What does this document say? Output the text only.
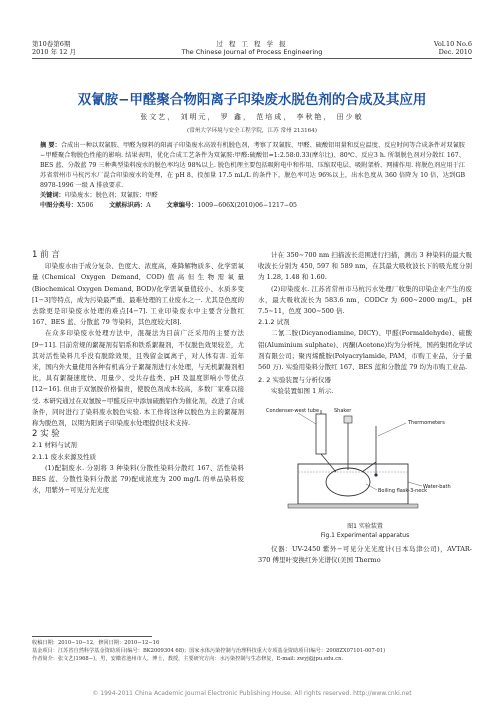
第10卷第6期
2010 年 12 月
过 程 工 程 学 报
The Chinese Journal of Process Engineering
Vol.10 No.6
Dec. 2010
双氰胺−甲醛聚合物阳离子印染废水脱色剂的合成及其应用
张文艺， 刘明元， 罗 鑫， 范培成， 李秋艳， 田少敏
(常州大学环境与安全工程学院，江苏 常州 213164)
摘 要：合成出一种以双氰胺、甲醛为原料的阳离子印染废水高效有机脱色剂，考察了双氰胺、甲醛、硫酸铝用量和反应温度、反应时间等合成条件对双氰胺−甲醛聚合物脱色性能的影响. 结果表明，优化合成工艺条件为双氰胺:甲醛:硫酸铝=1:2.58:0.33(摩尔比)、80℃、反应3 h. 所制脱色剂对分散红 167、BES 蓝、分散蓝 79 三种典型染料废水的脱色率均达 98%以上. 脱色机理主要包括吸附电中和作用、压缩双电层、吸附架桥、网捕作用. 将脱色剂应用于江苏省常州市马杭污水厂混合印染废水的处理，在 pH 8、投加量 17.5 mL/L 的条件下，脱色率可达 96%以上，出水色度从 360 倍降为 10 倍，达到GB 8978-1996 一级 A 排放要求.
关键词：印染废水；脱色剂；双氰胺；甲醛
中图分类号：X506	文献标识码：A	文章编号：1009−606X(2010)06−1217−05

1 前 言

印染废水由于成分复杂、色度大、浓度高，难降解物质多、化学需氧量(Chemical Oxygen Demand, COD)值高但生物需氧量(Biochemical Oxygen Demand, BOD)/化学需氧量值较小、水质多变[1−3]等特点，成为污染最严重、最难处理的工业废水之一. 尤其是色度的去除更是印染废水处理的难点[4−7]. 工业印染废水中主要含分散红 167、BES 蓝、分散蓝 79 等染料，其色度较大[8].

在众多印染废水处理方法中，混凝法为目前广泛采用的主要方法[9−11]. 目前常规的絮凝剂有铝系和铁系絮凝剂，不仅脱色效果较差，尤其对活性染料几乎没有脱除效果，且残留金属离子，对人体有害. 近年来，国内外大量使用各种有机高分子絮凝剂进行水处理，与无机絮凝剂相比，具有絮凝速度快、用量少、受共存盐类、pH 及温度影响小等优点[12−16]. 但由于双氰胺价格偏贵，使脱色剂成本较高，多数厂家难以接受. 本研究通过在双氰胺−甲醛反应中添加硫酸铝作为催化剂，改进了合成条件，同时进行了染料废水脱色实验. 本工作将这种以脱色为主的絮凝剂称为脱色剂，以期为阳离子印染废水处理提供技术支持.

2 实 验

2.1 材料与试剂

2.1.1 废水来源及性质

(1)配制废水. 分别将 3 种染料(分散性染料分散红 167、活性染料 BES 蓝、分散性染料分散蓝 79)配成浓度为 200 mg/L 的单品染料废水，用紫外−可见分光光度

计在 350∼700 nm 扫描波长范围进行扫描，测出 3 种染料的最大吸收波长分别为 450, 597 和 589 nm，在其最大吸收波长下的吸光度分别为 1.28, 1.48 和 1.60.

(2)印染废水. 江苏省常州市马杭污水处理厂收集的印染企业产生的废水，最大吸收波长为 583.6 nm，CODCr 为 600∼2000 mg/L，pH 7.5∼11，色度 300∼500 倍.

2.1.2 试剂

二氰二胺(Dicyanodiamine, DICY)、甲醛(Formaldehyde)、硫酸铝(Aluminium sulphate)、丙酮(Acetone)均为分析纯，国药集团化学试剂有限公司；聚丙烯酰胺(Polyacrylamide, PAM，市购工业品，分子量 560 万). 实验用染料分散红 167、BES 蓝和分散蓝 79 均为市购工业品.

2. 2 实验装置与分析仪器

实验装置如图 1 所示.

Condenser-west tube	Shaker
Thermometers
Boiling flask-3-neck
Water-bath
图1 实验装置
Fig.1 Experimental apparatus

仪器：UV-2450 紫外−可见分光光度计(日本岛津公司)，AVTAR-370 傅里叶变换红外光谱仪(美国 Thermo

收稿日期：2010−10−12，修回日期：2010−12−16
基金项目：江苏省自然科学基金资助项目(编号：BK2009304 68)；国家水体污染控制与治理科技重大专项基金资助项目(编号：2008ZX07101-007-01)
作者简介：张文艺(1968−)，男，安徽省池州市人，博士，教授，主要研究方向：水污染控制与生态修复，E-mail: zwyj@jpu.edu.cn.
© 1994-2011 China Academic Journal Electronic Publishing House. All rights reserved. http://www.cnki.net
